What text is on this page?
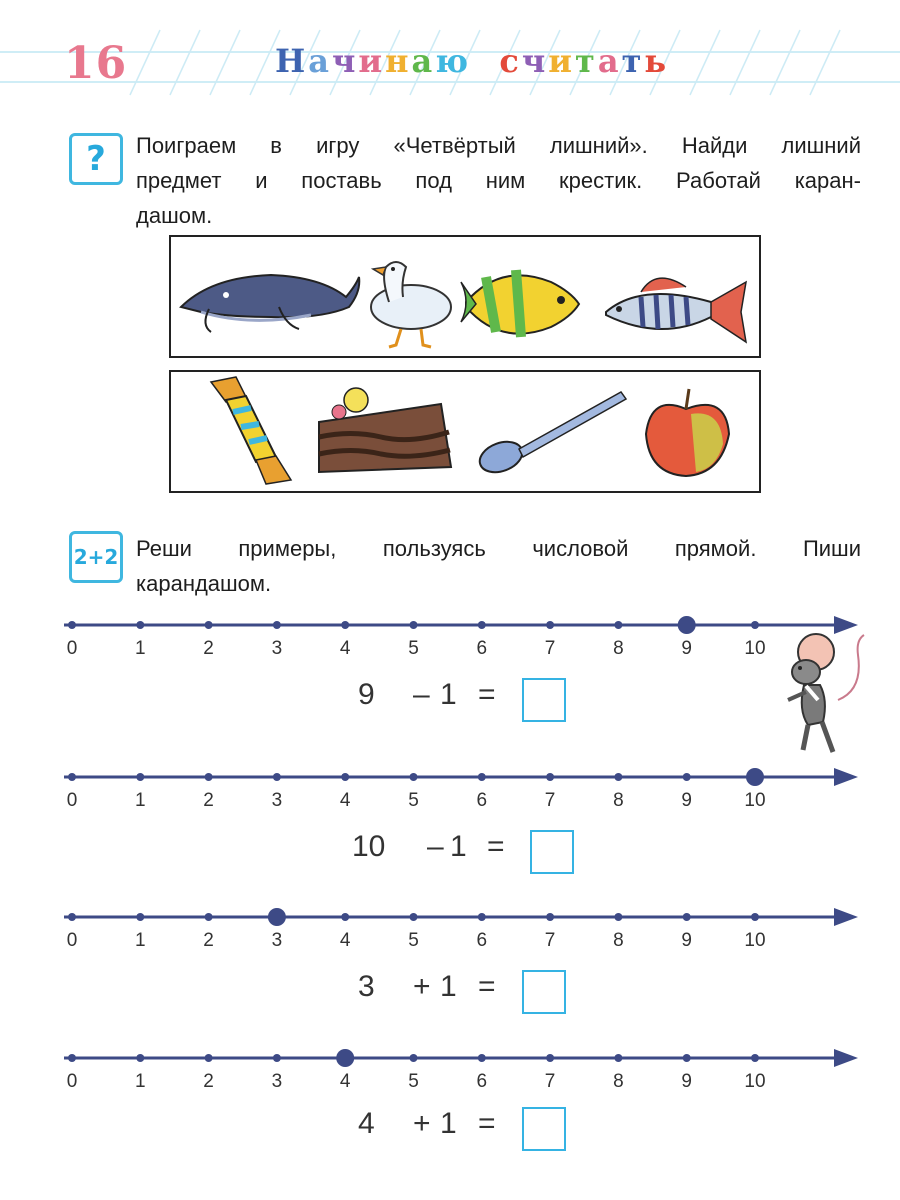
16	Начинаю считать
?	Поиграем в игру «Четвёртый лишний». Найди лишний
предмет и поставь под ним крестик. Работай каран-
дашом.
2+2 Реши примеры, пользуясь числовой прямой. Пиши
карандашом.
0	1	2	3	4	5	6	7	8	9	10
9 – 1 =
0	1	2	3	4	5	6	7	8	9	10
10 – 1 =
0	1	2	3	4	5	6	7	8	9	10
3 + 1 =
0	1	2	3	4	5	6	7	8	9	10
4 + 1 =
